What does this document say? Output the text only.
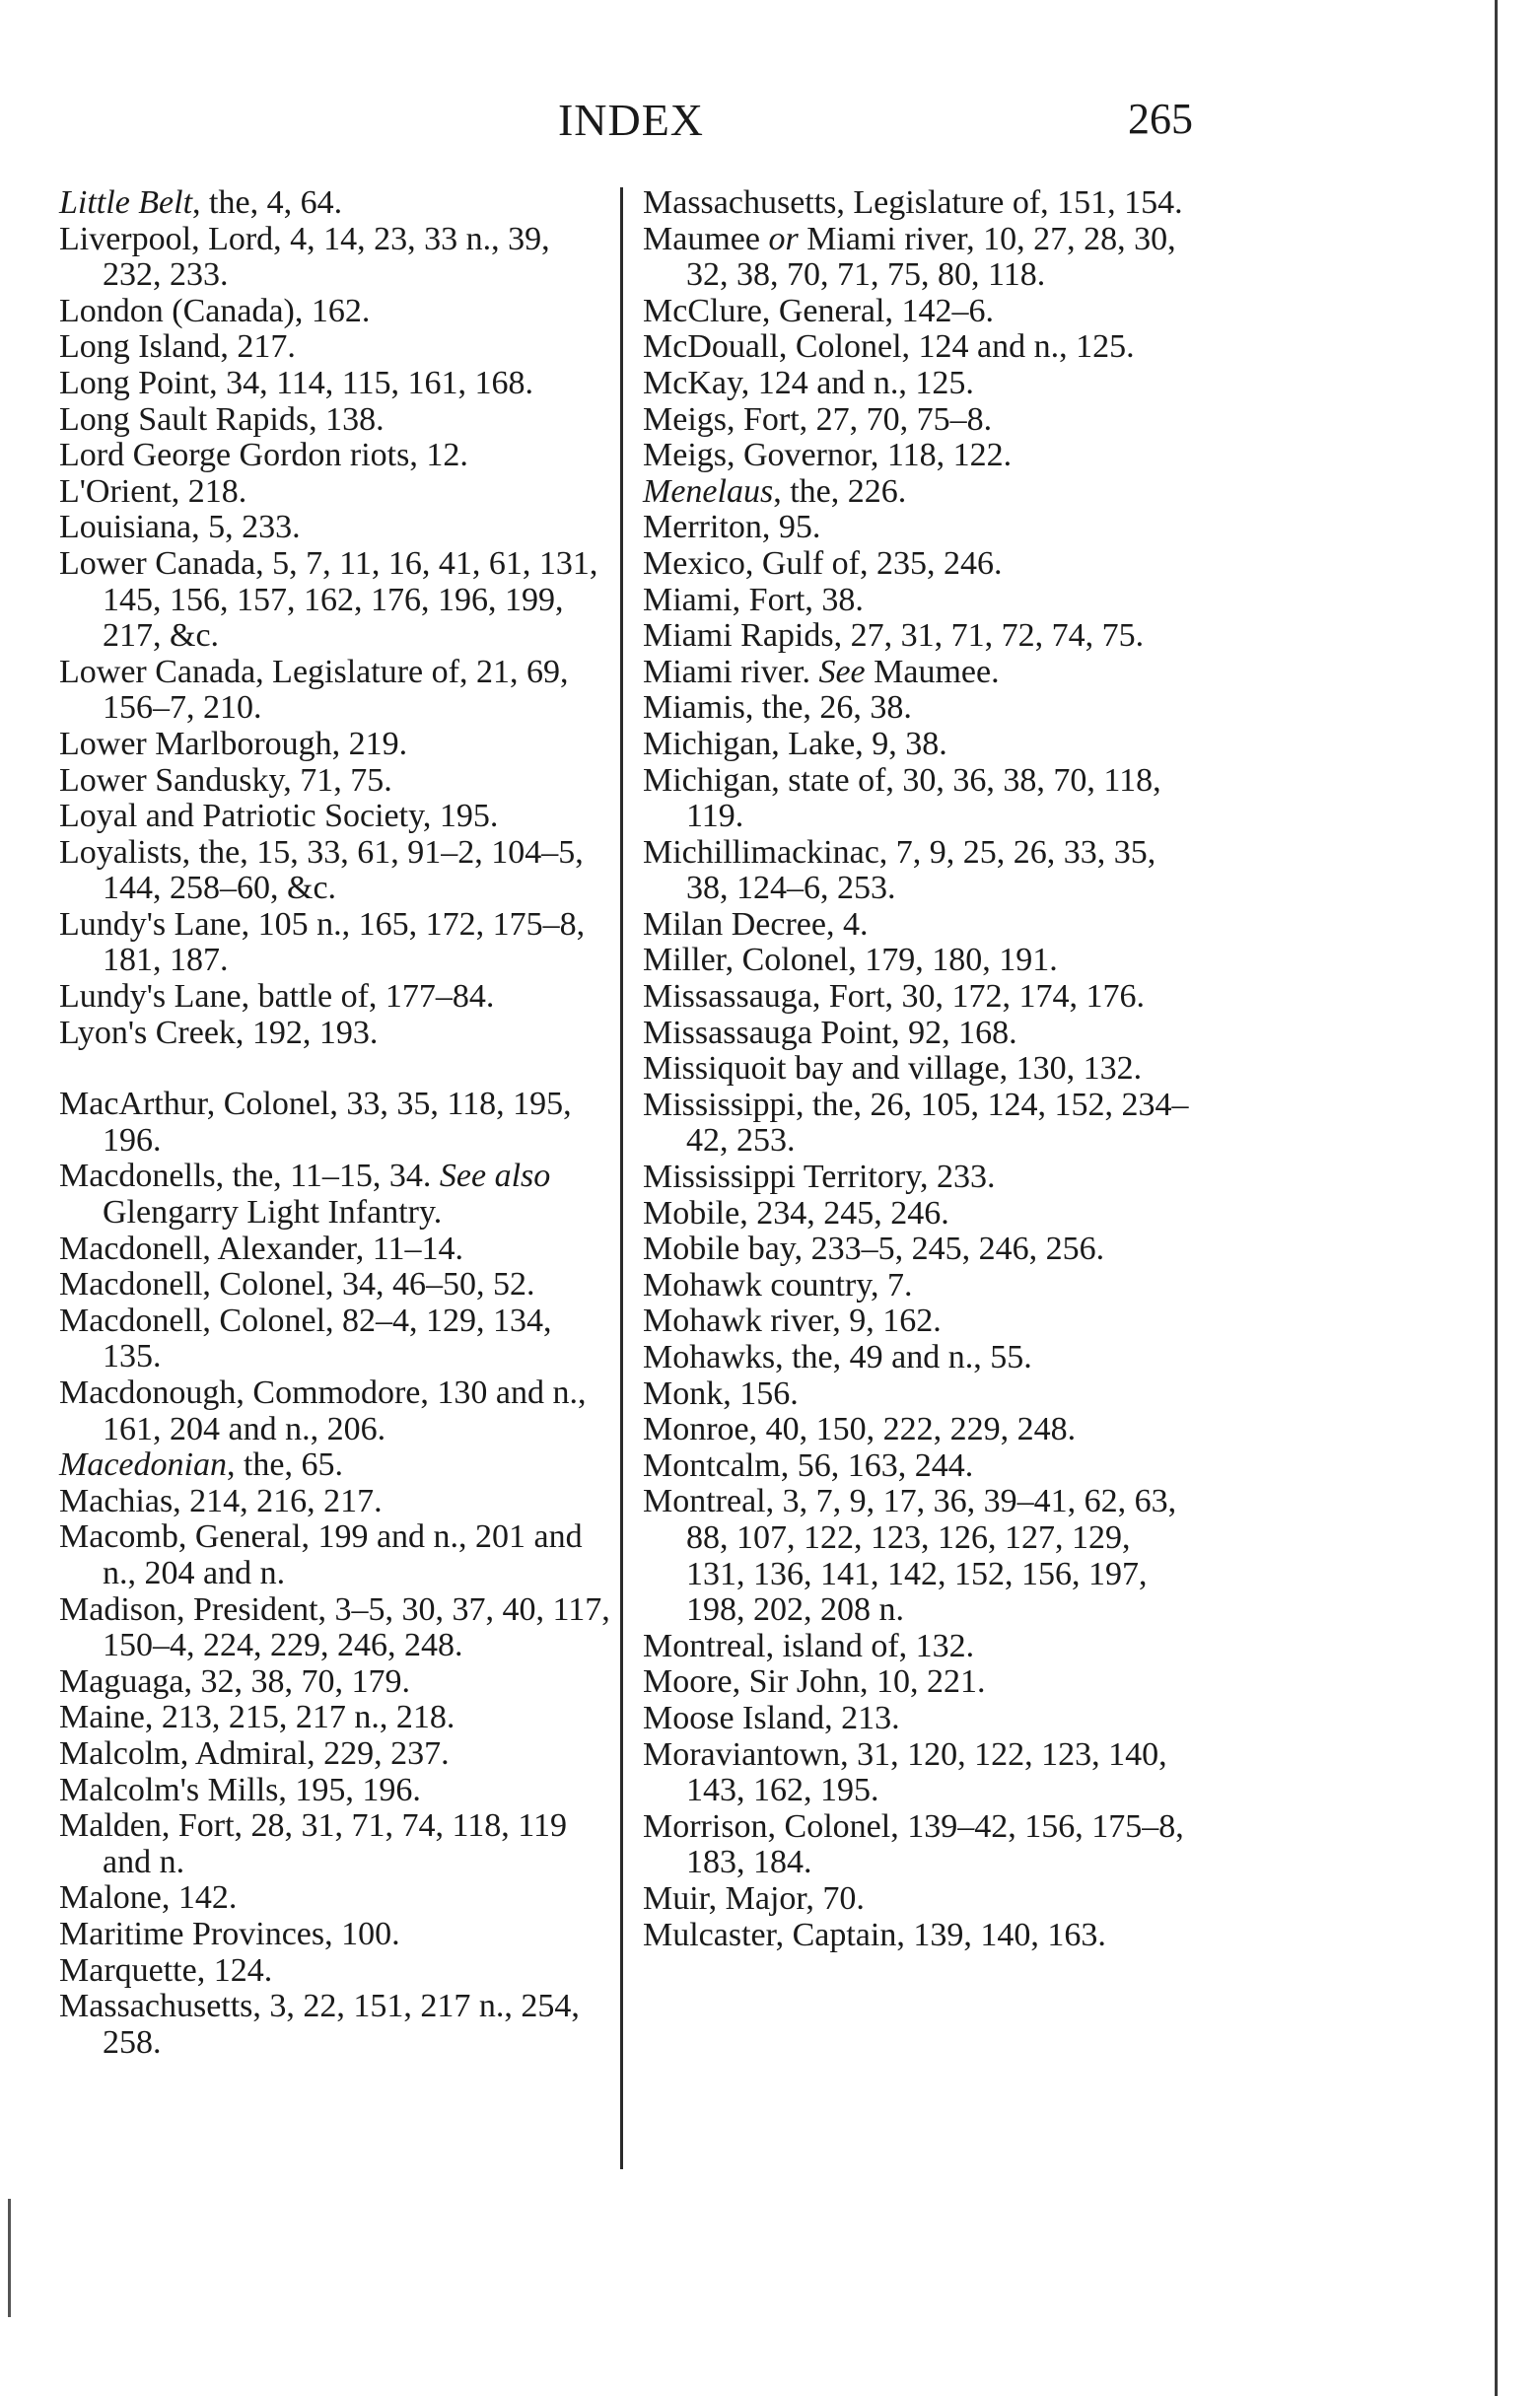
INDEX	265
Little Belt, the, 4, 64.
Liverpool, Lord, 4, 14, 23, 33 n., 39, 232, 233.
London (Canada), 162.
Long Island, 217.
Long Point, 34, 114, 115, 161, 168.
Long Sault Rapids, 138.
Lord George Gordon riots, 12.
L'Orient, 218.
Louisiana, 5, 233.
Lower Canada, 5, 7, 11, 16, 41, 61, 131, 145, 156, 157, 162, 176, 196, 199, 217, &c.
Lower Canada, Legislature of, 21, 69, 156–7, 210.
Lower Marlborough, 219.
Lower Sandusky, 71, 75.
Loyal and Patriotic Society, 195.
Loyalists, the, 15, 33, 61, 91–2, 104–5, 144, 258–60, &c.
Lundy's Lane, 105 n., 165, 172, 175–8, 181, 187.
Lundy's Lane, battle of, 177–84.
Lyon's Creek, 192, 193.
MacArthur, Colonel, 33, 35, 118, 195, 196.
Macdonells, the, 11–15, 34. See also Glengarry Light Infantry.
Macdonell, Alexander, 11–14.
Macdonell, Colonel, 34, 46–50, 52.
Macdonell, Colonel, 82–4, 129, 134, 135.
Macdonough, Commodore, 130 and n., 161, 204 and n., 206.
Macedonian, the, 65.
Machias, 214, 216, 217.
Macomb, General, 199 and n., 201 and n., 204 and n.
Madison, President, 3–5, 30, 37, 40, 117, 150–4, 224, 229, 246, 248.
Maguaga, 32, 38, 70, 179.
Maine, 213, 215, 217 n., 218.
Malcolm, Admiral, 229, 237.
Malcolm's Mills, 195, 196.
Malden, Fort, 28, 31, 71, 74, 118, 119 and n.
Malone, 142.
Maritime Provinces, 100.
Marquette, 124.
Massachusetts, 3, 22, 151, 217 n., 254, 258.
Massachusetts, Legislature of, 151, 154.
Maumee or Miami river, 10, 27, 28, 30, 32, 38, 70, 71, 75, 80, 118.
McClure, General, 142–6.
McDouall, Colonel, 124 and n., 125.
McKay, 124 and n., 125.
Meigs, Fort, 27, 70, 75–8.
Meigs, Governor, 118, 122.
Menelaus, the, 226.
Merriton, 95.
Mexico, Gulf of, 235, 246.
Miami, Fort, 38.
Miami Rapids, 27, 31, 71, 72, 74, 75.
Miami river. See Maumee.
Miamis, the, 26, 38.
Michigan, Lake, 9, 38.
Michigan, state of, 30, 36, 38, 70, 118, 119.
Michillimackinac, 7, 9, 25, 26, 33, 35, 38, 124–6, 253.
Milan Decree, 4.
Miller, Colonel, 179, 180, 191.
Missassauga, Fort, 30, 172, 174, 176.
Missassauga Point, 92, 168.
Missiquoit bay and village, 130, 132.
Mississippi, the, 26, 105, 124, 152, 234–42, 253.
Mississippi Territory, 233.
Mobile, 234, 245, 246.
Mobile bay, 233–5, 245, 246, 256.
Mohawk country, 7.
Mohawk river, 9, 162.
Mohawks, the, 49 and n., 55.
Monk, 156.
Monroe, 40, 150, 222, 229, 248.
Montcalm, 56, 163, 244.
Montreal, 3, 7, 9, 17, 36, 39–41, 62, 63, 88, 107, 122, 123, 126, 127, 129, 131, 136, 141, 142, 152, 156, 197, 198, 202, 208 n.
Montreal, island of, 132.
Moore, Sir John, 10, 221.
Moose Island, 213.
Moraviantown, 31, 120, 122, 123, 140, 143, 162, 195.
Morrison, Colonel, 139–42, 156, 175–8, 183, 184.
Muir, Major, 70.
Mulcaster, Captain, 139, 140, 163.
